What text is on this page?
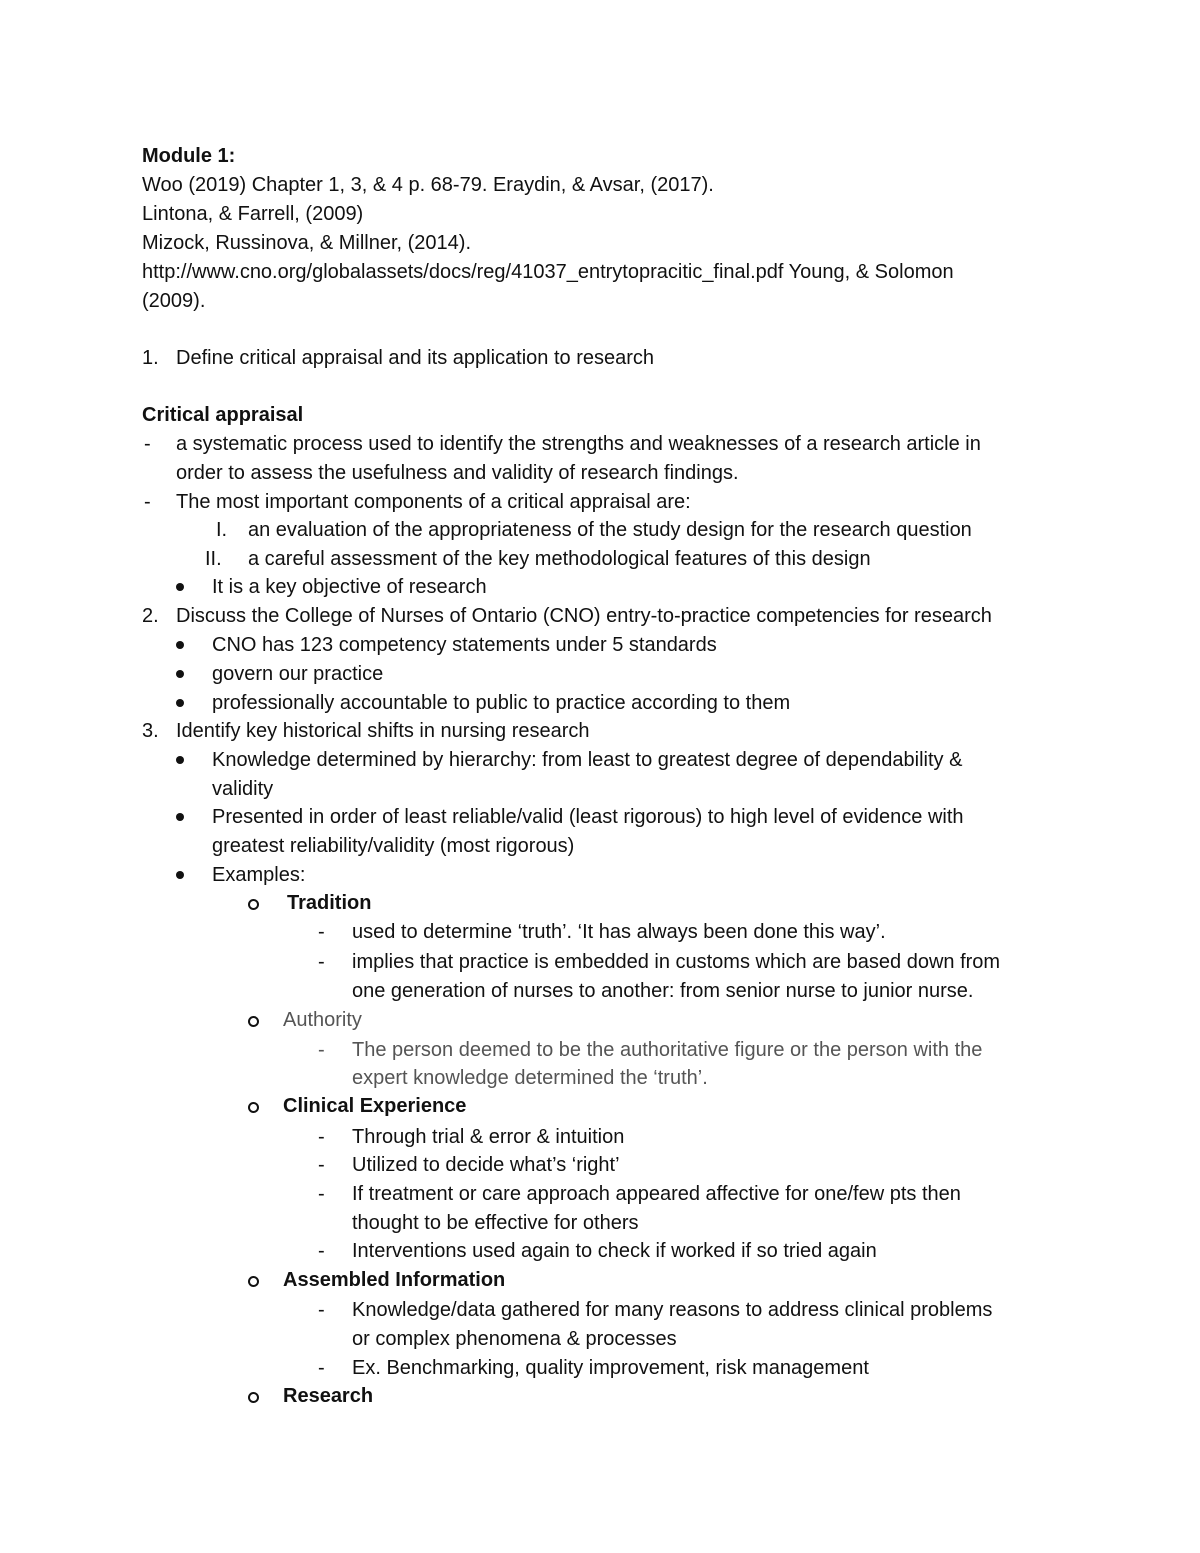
Module 1:
Woo (2019) Chapter 1, 3, & 4 p. 68-79. Eraydin, & Avsar, (2017).
Lintona, & Farrell, (2009)
Mizock, Russinova, & Millner, (2014).
http://www.cno.org/globalassets/docs/reg/41037_entrytopracitic_final.pdf Young, & Solomon
(2009).
1. Define critical appraisal and its application to research
Critical appraisal
- a systematic process used to identify the strengths and weaknesses of a research article in
order to assess the usefulness and validity of research findings.
- The most important components of a critical appraisal are:
I. an evaluation of the appropriateness of the study design for the research question
II. a careful assessment of the key methodological features of this design
It is a key objective of research
2. Discuss the College of Nurses of Ontario (CNO) entry-to-practice competencies for research
CNO has 123 competency statements under 5 standards
govern our practice
professionally accountable to public to practice according to them
3. Identify key historical shifts in nursing research
Knowledge determined by hierarchy: from least to greatest degree of dependability &
validity
Presented in order of least reliable/valid (least rigorous) to high level of evidence with
greatest reliability/validity (most rigorous)
Examples:
Tradition
- used to determine ‘truth’. ‘It has always been done this way’.
- implies that practice is embedded in customs which are based down from
one generation of nurses to another: from senior nurse to junior nurse.
Authority
- The person deemed to be the authoritative figure or the person with the
expert knowledge determined the ‘truth’.
Clinical Experience
- Through trial & error & intuition
- Utilized to decide what’s ‘right’
- If treatment or care approach appeared affective for one/few pts then
thought to be effective for others
- Interventions used again to check if worked if so tried again
Assembled Information
- Knowledge/data gathered for many reasons to address clinical problems
or complex phenomena & processes
- Ex. Benchmarking, quality improvement, risk management
Research
